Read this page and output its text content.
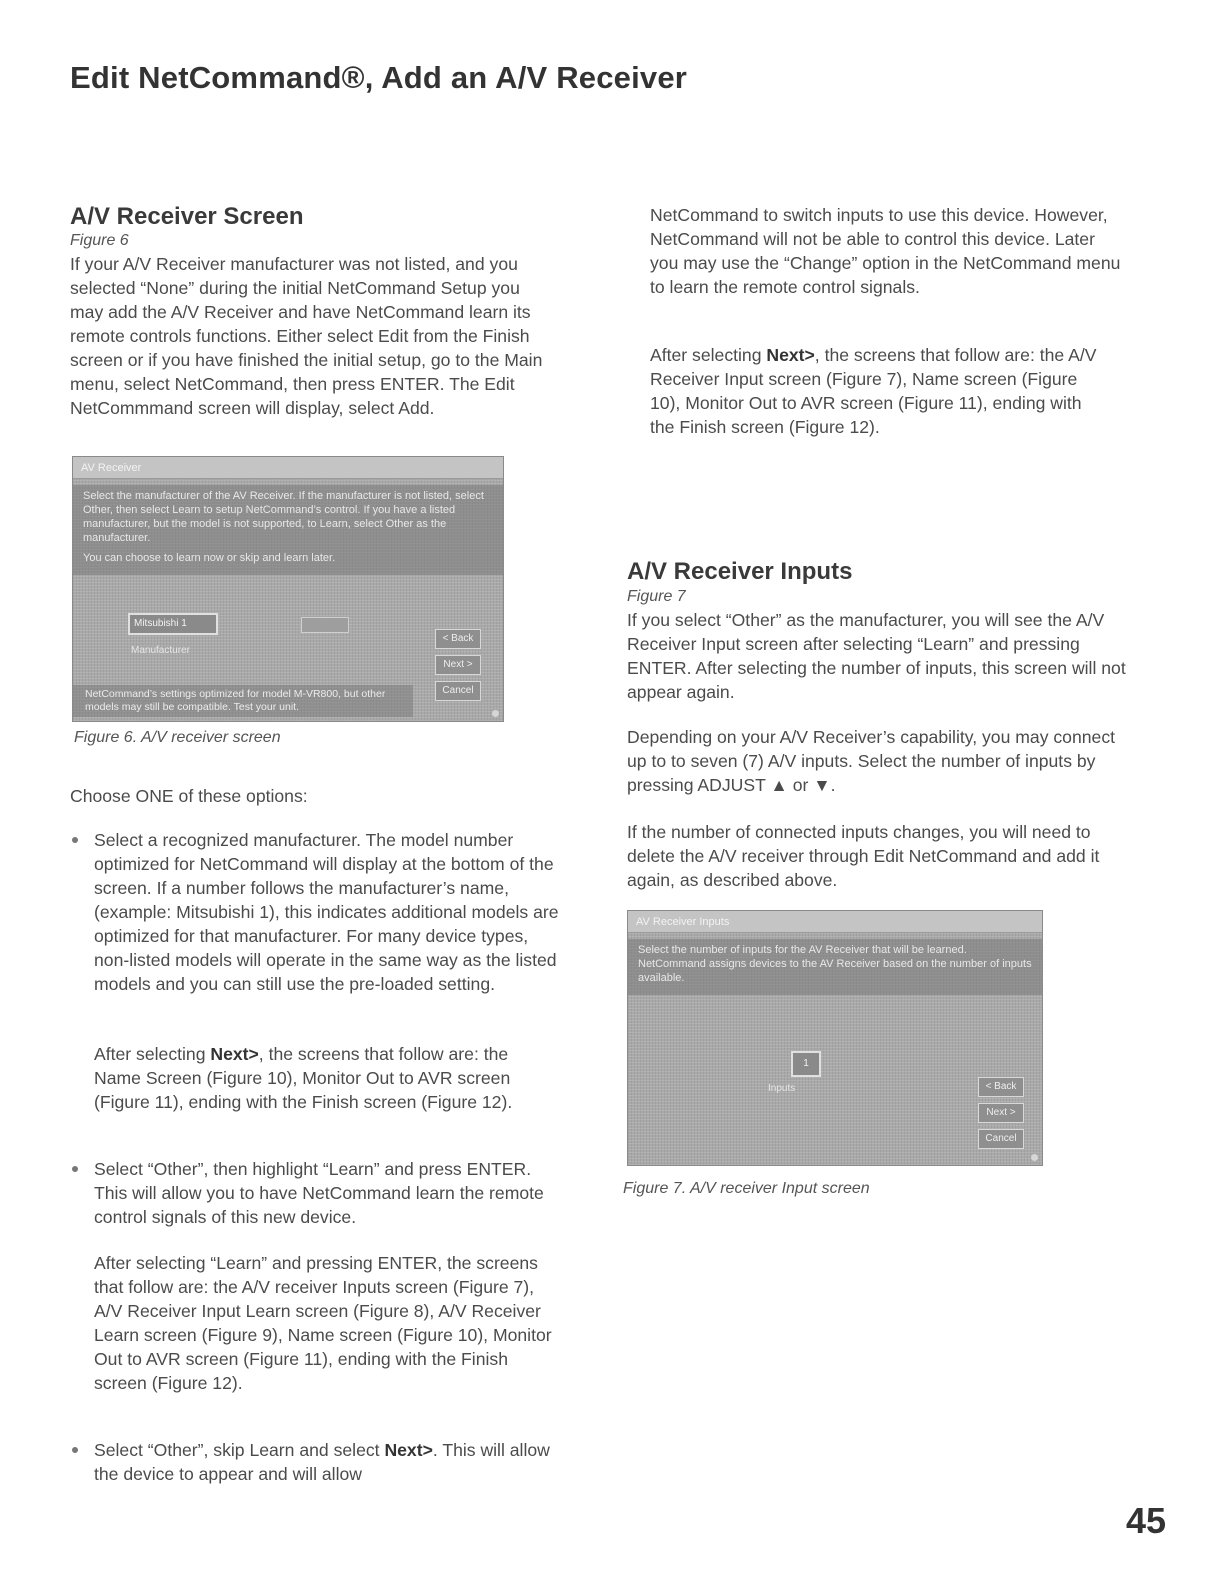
Edit NetCommand®, Add an A/V Receiver
A/V Receiver Screen

Figure 6

If your A/V Receiver manufacturer was not listed, and you selected “None” during the initial NetCommand Setup you may add the A/V Receiver and have NetCommand learn its remote controls functions. Either select Edit from the Finish screen or if you have finished the initial setup, go to the Main menu, select NetCommand, then press ENTER. The Edit NetCommmand screen will display, select Add.

AV Receiver

Select the manufacturer of the AV Receiver. If the manufacturer is not listed, select Other, then select Learn to setup NetCommand’s control. If you have a listed manufacturer, but the model is not supported, to Learn, select Other as the manufacturer.

You can choose to learn now or skip and learn later.

Mitsubishi 1
Manufacturer
< Back
Next >
Cancel
NetCommand’s settings optimized for model M-VR800, but other models may still be compatible. Test your unit.

Figure 6. A/V receiver screen

Choose ONE of these options:

Select a recognized manufacturer. The model number optimized for NetCommand will display at the bottom of the screen. If a number follows the manufacturer’s name, (example: Mitsubishi 1), this indicates additional models are optimized for that manufacturer. For many device types, non-listed models will operate in the same way as the listed models and you can still use the pre-loaded setting.

After selecting Next>, the screens that follow are: the Name Screen (Figure 10), Monitor Out to AVR screen (Figure 11), ending with the Finish screen (Figure 12).

Select “Other”, then highlight “Learn” and press ENTER. This will allow you to have NetCommand learn the remote control signals of this new device.

After selecting “Learn” and pressing ENTER, the screens that follow are: the A/V receiver Inputs screen (Figure 7), A/V Receiver Input Learn screen (Figure 8), A/V Receiver Learn screen (Figure 9), Name screen (Figure 10), Monitor Out to AVR screen (Figure 11), ending with the Finish screen (Figure 12).

Select “Other”, skip Learn and select Next>. This will allow the device to appear and will allow

NetCommand to switch inputs to use this device. However, NetCommand will not be able to control this device. Later you may use the “Change” option in the NetCommand menu to learn the remote control signals.

After selecting Next>, the screens that follow are: the A/V Receiver Input screen (Figure 7), Name screen (Figure 10), Monitor Out to AVR screen (Figure 11), ending with the Finish screen (Figure 12).

A/V Receiver Inputs

Figure 7

If you select “Other” as the manufacturer, you will see the A/V Receiver Input screen after selecting “Learn” and pressing ENTER. After selecting the number of inputs, this screen will not appear again.

Depending on your A/V Receiver’s capability, you may connect up to to seven (7) A/V inputs. Select the number of inputs by pressing ADJUST ▲ or ▼.

If the number of connected inputs changes, you will need to delete the A/V receiver through Edit NetCommand and add it again, as described above.

AV Receiver Inputs

Select the number of inputs for the AV Receiver that will be learned. NetCommand assigns devices to the AV Receiver based on the number of inputs available.

1
Inputs	< Back
Next >
Cancel

Figure 7. A/V receiver Input screen

45
